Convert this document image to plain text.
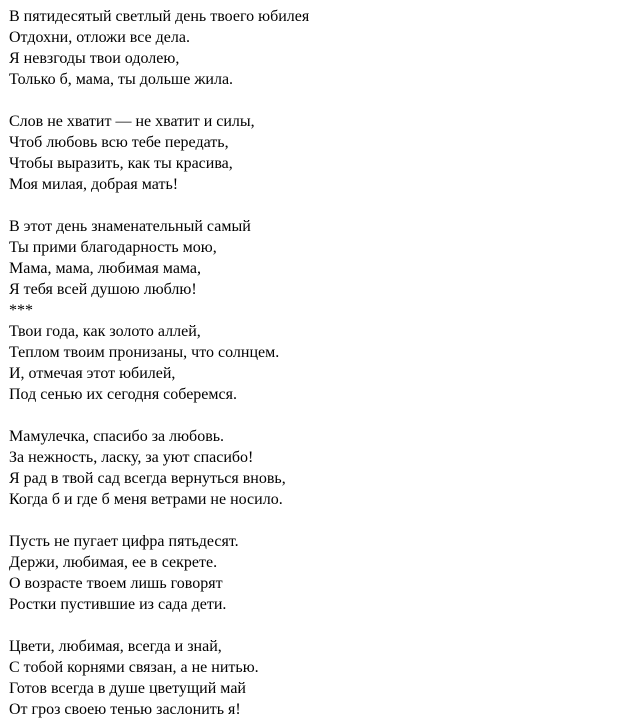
В пятидесятый светлый день твоего юбилея
Отдохни, отложи все дела.
Я невзгоды твои одолею,
Только б, мама, ты дольше жила.
Слов не хватит — не хватит и силы,
Чтоб любовь всю тебе передать,
Чтобы выразить, как ты красива,
Моя милая, добрая мать!
В этот день знаменательный самый
Ты прими благодарность мою,
Мама, мама, любимая мама,
Я тебя всей душою люблю!
***
Твои года, как золото аллей,
Теплом твоим пронизаны, что солнцем.
И, отмечая этот юбилей,
Под сенью их сегодня соберемся.
Мамулечка, спасибо за любовь.
За нежность, ласку, за уют спасибо!
Я рад в твой сад всегда вернуться вновь,
Когда б и где б меня ветрами не носило.
Пусть не пугает цифра пятьдесят.
Держи, любимая, ее в секрете.
О возрасте твоем лишь говорят
Ростки пустившие из сада дети.
Цвети, любимая, всегда и знай,
С тобой корнями связан, а не нитью.
Готов всегда в душе цветущий май
От гроз своею тенью заслонить я!
